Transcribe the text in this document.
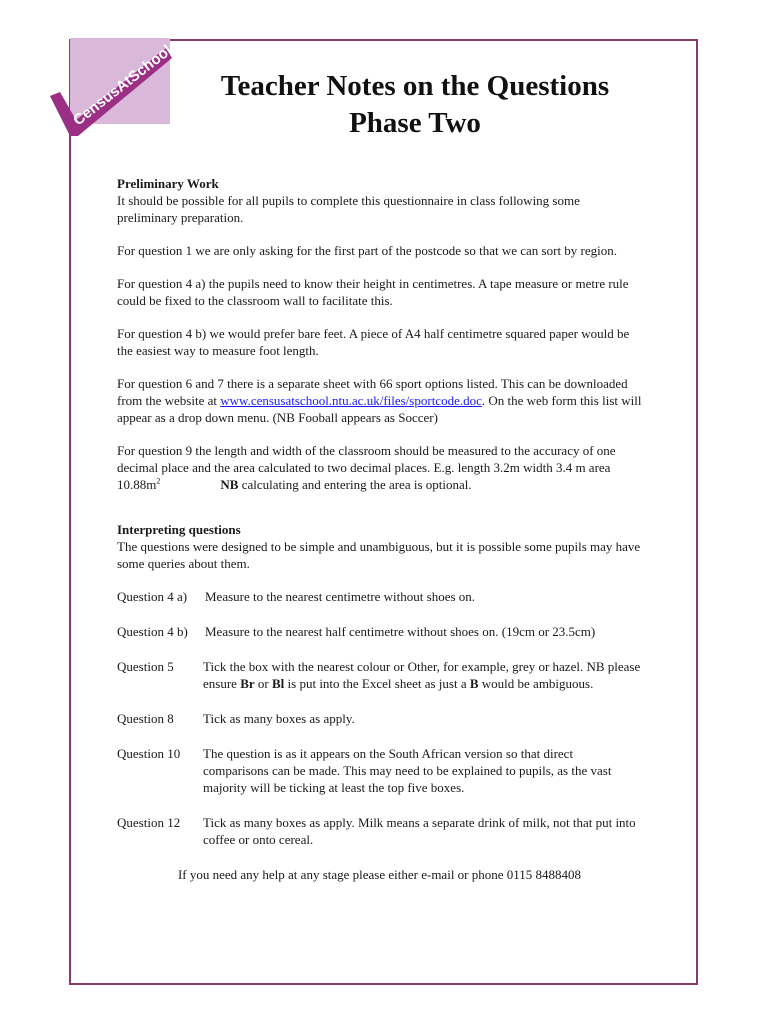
CensusAtSchool	Teacher Notes on the Questions
Phase Two

Preliminary Work

It should be possible for all pupils to complete this questionnaire in class following some preliminary preparation.

For question 1 we are only asking for the first part of the postcode so that we can sort by region.

For question 4 a) the pupils need to know their height in centimetres. A tape measure or metre rule could be fixed to the classroom wall to facilitate this.

For question 4 b) we would prefer bare feet. A piece of A4 half centimetre squared paper would be the easiest way to measure foot length.

For question 6 and 7 there is a separate sheet with 66 sport options listed. This can be downloaded from the website at www.censusatschool.ntu.ac.uk/files/sportcode.doc. On the web form this list will appear as a drop down menu. (NB Fooball appears as Soccer)

For question 9 the length and width of the classroom should be measured to the accuracy of one decimal place and the area calculated to two decimal places. E.g. length 3.2m width 3.4 m area $10.88m^2$	NB calculating and entering the area is optional.

Interpreting questions

The questions were designed to be simple and unambiguous, but it is possible some pupils may have some queries about them.

Question 4 a)	Measure to the nearest centimetre without shoes on.
Question 4 b)	Measure to the nearest half centimetre without shoes on. (19cm or 23.5cm)
Question 5	Tick the box with the nearest colour or Other, for example, grey or hazel. NB please ensure Br or Bl is put into the Excel sheet as just a B would be ambiguous.
Question 8	Tick as many boxes as apply.
Question 10	The question is as it appears on the South African version so that direct comparisons can be made. This may need to be explained to pupils, as the vast majority will be ticking at least the top five boxes.
Question 12	Tick as many boxes as apply. Milk means a separate drink of milk, not that put into coffee or onto cereal.

If you need any help at any stage please either e-mail or phone 0115 8488408
